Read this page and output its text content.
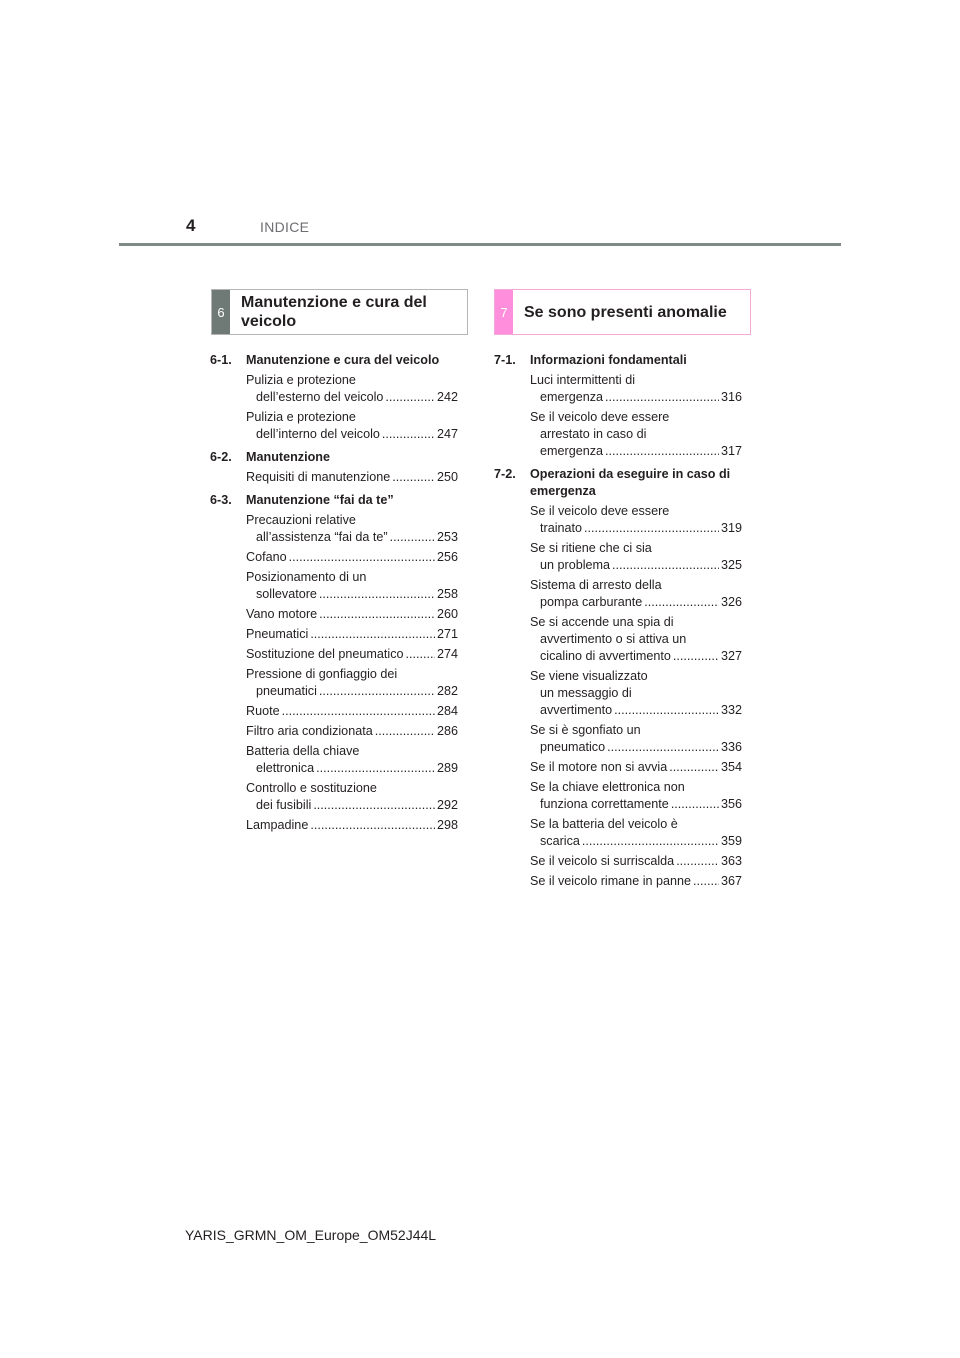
4	INDICE
6
Manutenzione e cura del veicolo
7	Se sono presenti anomalie
6-1.	Manutenzione e cura del veicolo
Pulizia e protezione
dell’esterno del veicolo .....	242
Pulizia e protezione
dell’interno del veicolo .....	247
6-2.	Manutenzione
Requisiti di manutenzione .....	250
6-3.	Manutenzione “fai da te”
Precauzioni relative
all’assistenza “fai da te” .....	253
Cofano .....	256
Posizionamento di un
sollevatore .....	258
Vano motore .....	260
Pneumatici .....	271
Sostituzione del pneumatico .....	274
Pressione di gonfiaggio dei
pneumatici .....	282
Ruote .....	284
Filtro aria condizionata .....	286
Batteria della chiave
elettronica .....	289
Controllo e sostituzione
dei fusibili .....	292
Lampadine .....	298
7-1.	Informazioni fondamentali
Luci intermittenti di
emergenza .....	316
Se il veicolo deve essere
arrestato in caso di
emergenza .....	317
7-2.	Operazioni da eseguire in caso di emergenza
Se il veicolo deve essere
trainato .....	319
Se si ritiene che ci sia
un problema .....	325
Sistema di arresto della
pompa carburante .....	326
Se si accende una spia di
avvertimento o si attiva un
cicalino di avvertimento .....	327
Se viene visualizzato
un messaggio di
avvertimento .....	332
Se si è sgonfiato un
pneumatico .....	336
Se il motore non si avvia .....	354
Se la chiave elettronica non
funziona correttamente .....	356
Se la batteria del veicolo è
scarica .....	359
Se il veicolo si surriscalda .....	363
Se il veicolo rimane in panne ..... 367
YARIS_GRMN_OM_Europe_OM52J44L
